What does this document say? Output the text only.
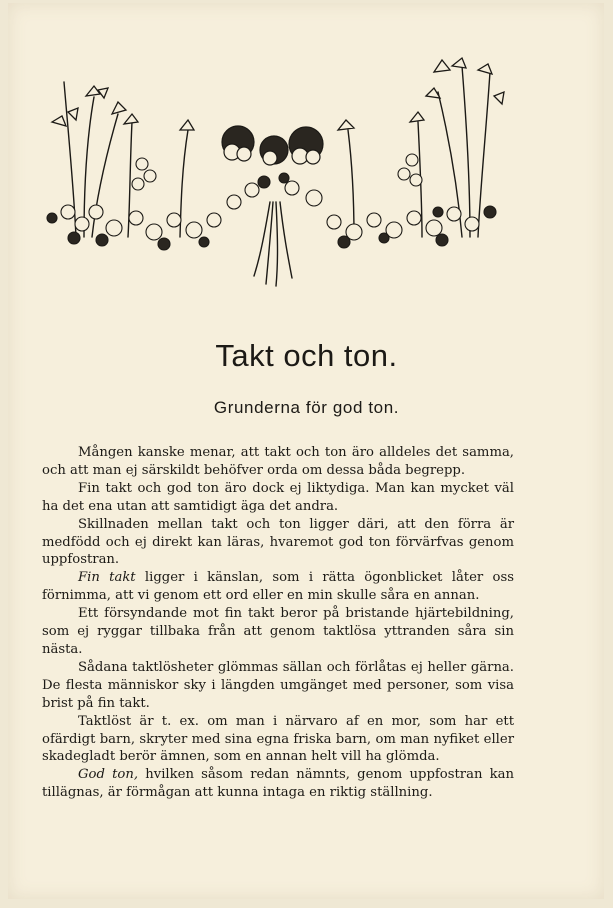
Takt och ton.
Grunderna för god ton.

Mången kanske menar, att takt och ton äro alldeles det samma, och att man ej särskildt behöfver orda om dessa båda begrepp.

Fin takt och god ton äro dock ej liktydiga. Man kan mycket väl ha det ena utan att samtidigt äga det andra.

Skillnaden mellan takt och ton ligger däri, att den förra är medfödd och ej direkt kan läras, hvaremot god ton förvärfvas genom uppfostran.

Fin takt ligger i känslan, som i rätta ögonblicket låter oss förnimma, att vi genom ett ord eller en min skulle såra en annan.

Ett försyndande mot fin takt beror på bristande hjärtebildning, som ej ryggar tillbaka från att genom taktlösa yttranden såra sin nästa.

Sådana taktlösheter glömmas sällan och förlåtas ej heller gärna. De flesta människor sky i längden umgänget med personer, som visa brist på fin takt.

Taktlöst är t. ex. om man i närvaro af en mor, som har ett ofärdigt barn, skryter med sina egna friska barn, om man nyfiket eller skadegladt berör ämnen, som en annan helt vill ha glömda.

God ton, hvilken såsom redan nämnts, genom uppfostran kan tillägnas, är förmågan att kunna intaga en riktig ställning.
